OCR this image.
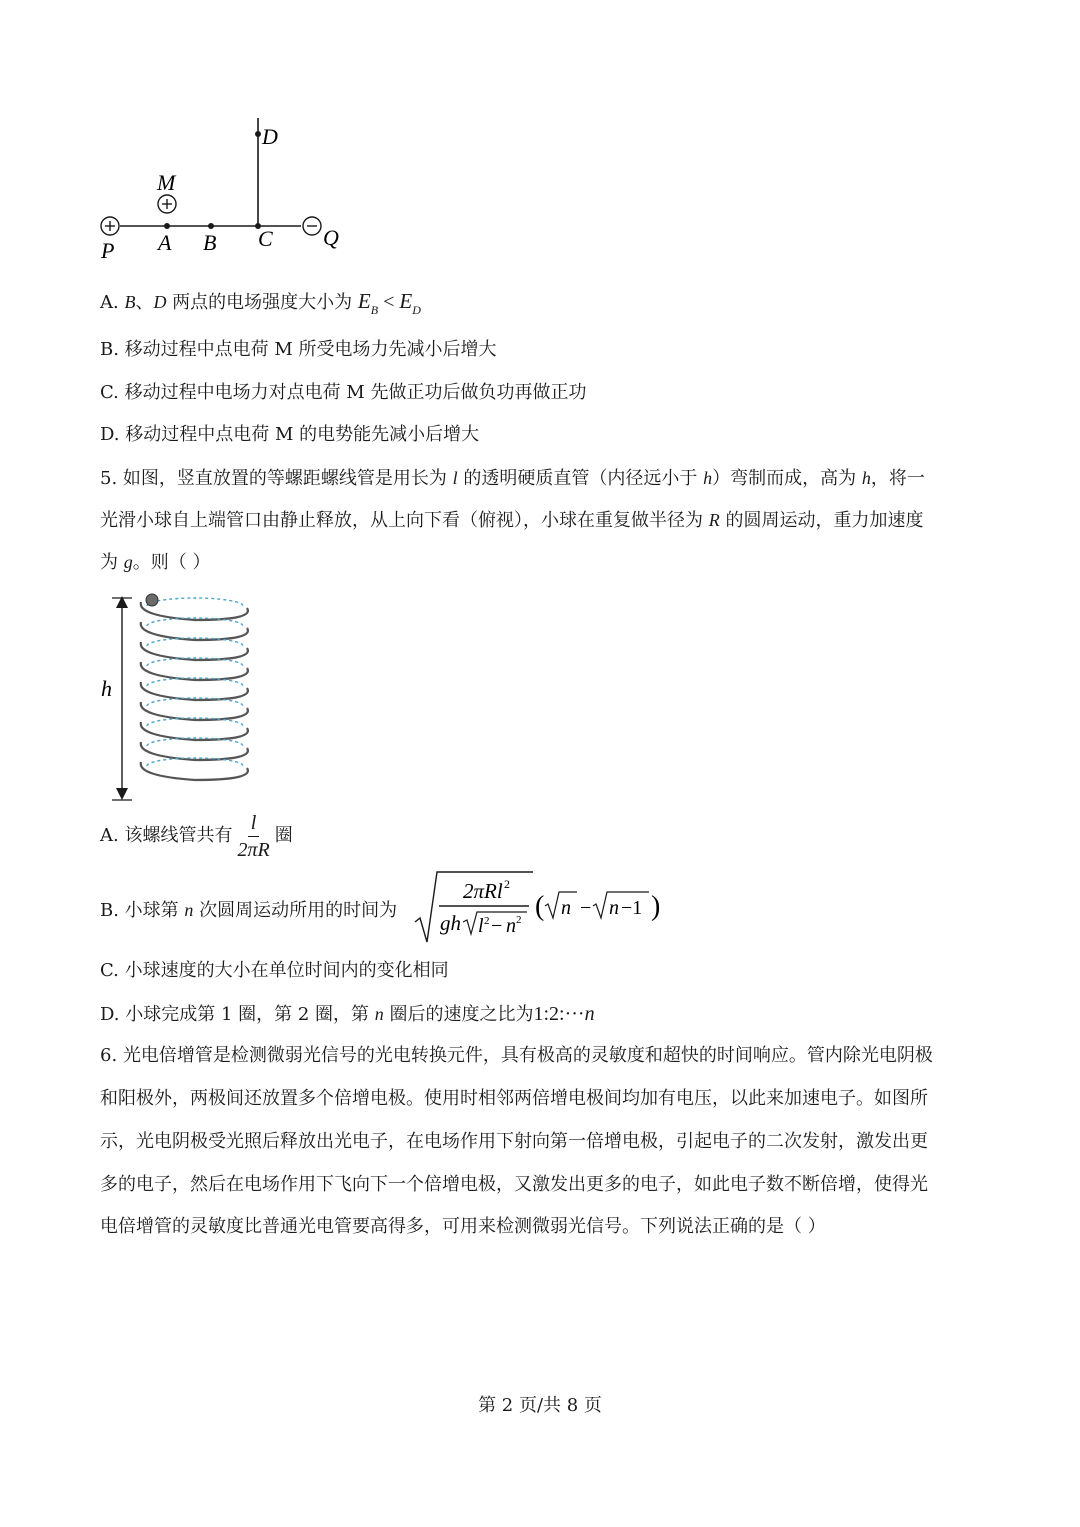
D
M
P A B C Q
A. B、D 两点的电场强度大小为 $E_B < E_D$
B. 移动过程中点电荷 M 所受电场力先减小后增大
C. 移动过程中电场力对点电荷 M 先做正功后做负功再做正功
D. 移动过程中点电荷 M 的电势能先减小后增大
5. 如图，竖直放置的等螺距螺线管是用长为 l 的透明硬质直管（内径远小于 h）弯制而成，高为 h，将一
光滑小球自上端管口由静止释放，从上向下看（俯视），小球在重复做半径为 R 的圆周运动，重力加速度
为 g。则（ ）
h
A. 该螺线管共有 $\frac{l}{2\pi R}$ 圈
B. 小球第 n 次圆周运动所用的时间为
2πRl 2
gh l 2 − n 2 ( n − n −1 )
C. 小球速度的大小在单位时间内的变化相同
D. 小球完成第 1 圈，第 2 圈，第 n 圈后的速度之比为1:2:···n
6. 光电倍增管是检测微弱光信号的光电转换元件，具有极高的灵敏度和超快的时间响应。管内除光电阴极
和阳极外，两极间还放置多个倍增电极。使用时相邻两倍增电极间均加有电压，以此来加速电子。如图所
示，光电阴极受光照后释放出光电子，在电场作用下射向第一倍增电极，引起电子的二次发射，激发出更
多的电子，然后在电场作用下飞向下一个倍增电极，又激发出更多的电子，如此电子数不断倍增，使得光
电倍增管的灵敏度比普通光电管要高得多，可用来检测微弱光信号。下列说法正确的是（ ）
第 2 页/共 8 页
